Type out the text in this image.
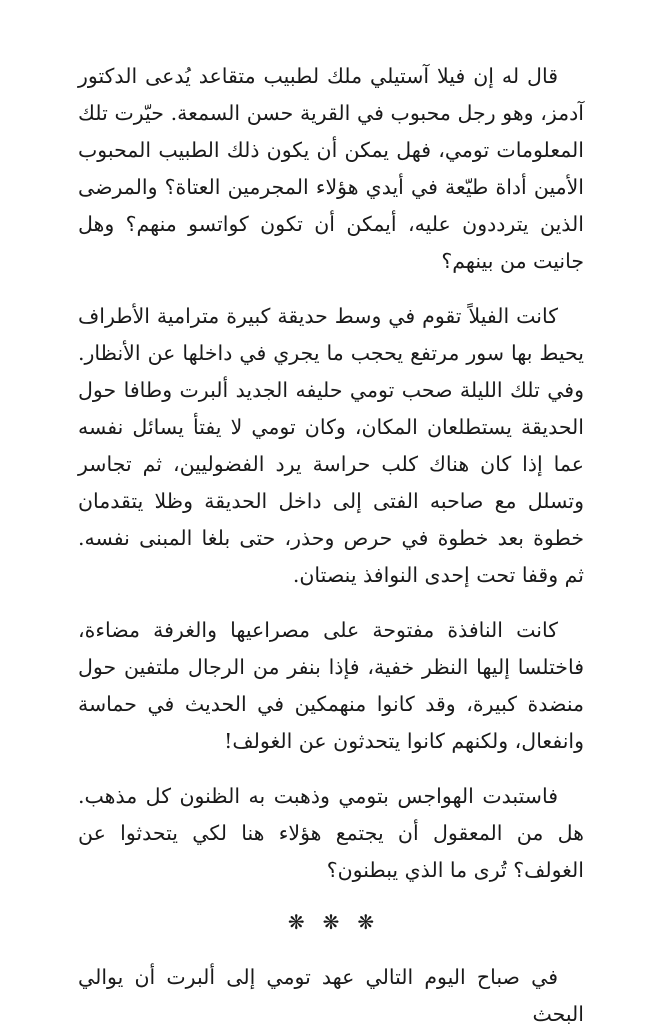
قال له إن فيلا آستيلي ملك لطبيب متقاعد يُدعى الدكتور آدمز، وهو رجل محبوب في القرية حسن السمعة. حيّرت تلك المعلومات تومي، فهل يمكن أن يكون ذلك الطبيب المحبوب الأمين أداة طيّعة في أيدي هؤلاء المجرمين العتاة؟ والمرضى الذين يترددون عليه، أيمكن أن تكون كواتسو منهم؟ وهل جانيت من بينهم؟

كانت الفيلاً تقوم في وسط حديقة كبيرة مترامية الأطراف يحيط بها سور مرتفع يحجب ما يجري في داخلها عن الأنظار. وفي تلك الليلة صحب تومي حليفه الجديد ألبرت وطافا حول الحديقة يستطلعان المكان، وكان تومي لا يفتأ يسائل نفسه عما إذا كان هناك كلب حراسة يرد الفضوليين، ثم تجاسر وتسلل مع صاحبه الفتى إلى داخل الحديقة وظلا يتقدمان خطوة بعد خطوة في حرص وحذر، حتى بلغا المبنى نفسه. ثم وقفا تحت إحدى النوافذ ينصتان.

كانت النافذة مفتوحة على مصراعيها والغرفة مضاءة، فاختلسا إليها النظر خفية، فإذا بنفر من الرجال ملتفين حول منضدة كبيرة، وقد كانوا منهمكين في الحديث في حماسة وانفعال، ولكنهم كانوا يتحدثون عن الغولف!

فاستبدت الهواجس بتومي وذهبت به الظنون كل مذهب. هل من المعقول أن يجتمع هؤلاء هنا لكي يتحدثوا عن الغولف؟ تُرى ما الذي يبطنون؟

❋❋❋

في صباح اليوم التالي عهد تومي إلى ألبرت أن يوالي البحث
